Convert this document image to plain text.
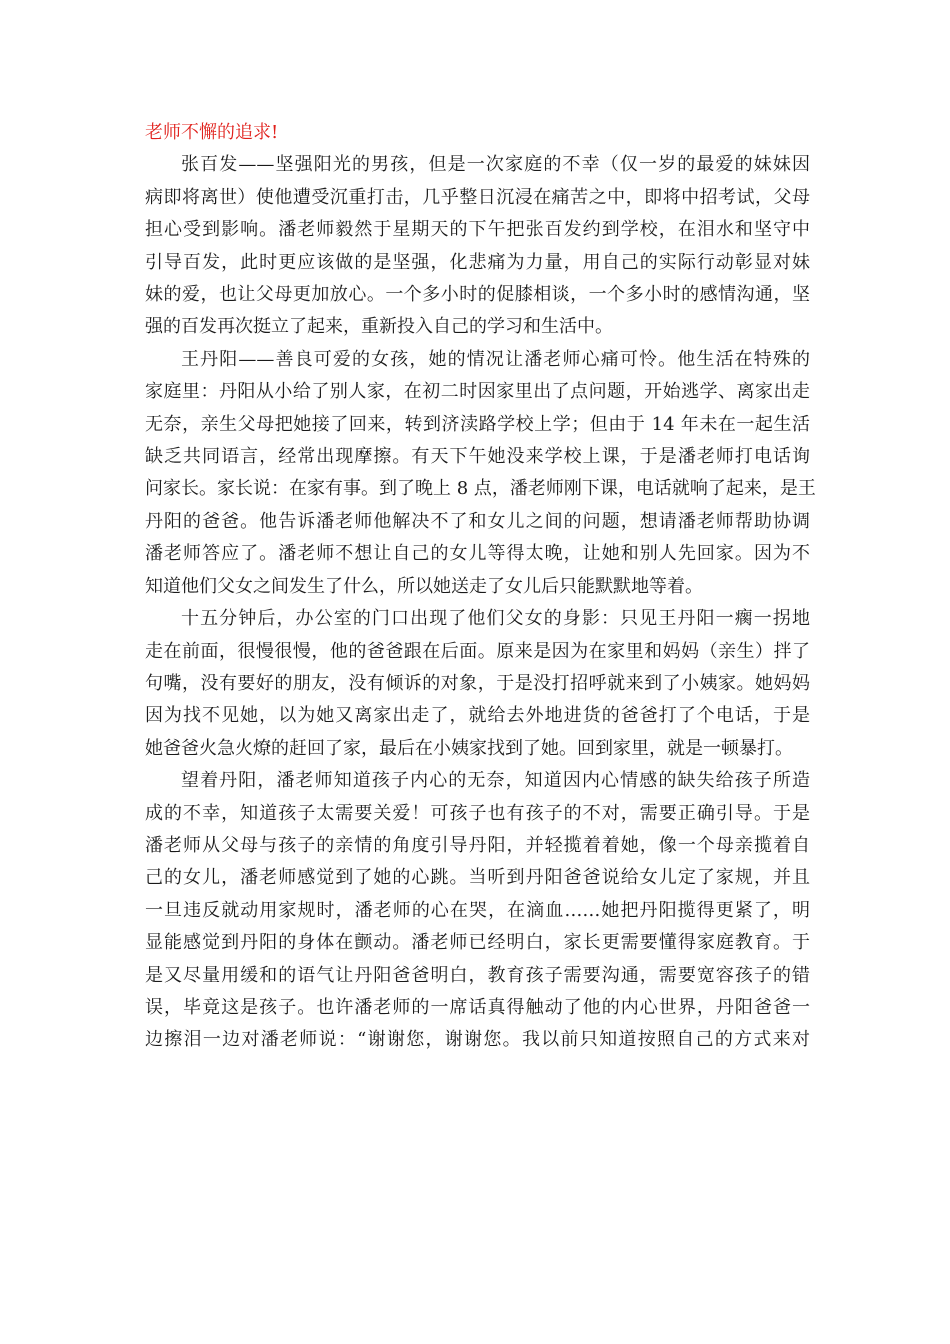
老师不懈的追求!
张百发——坚强阳光的男孩，但是一次家庭的不幸（仅一岁的最爱的妹妹因
病即将离世）使他遭受沉重打击，几乎整日沉浸在痛苦之中，即将中招考试，父母
担心受到影响。潘老师毅然于星期天的下午把张百发约到学校，在泪水和坚守中
引导百发，此时更应该做的是坚强，化悲痛为力量，用自己的实际行动彰显对妹
妹的爱，也让父母更加放心。一个多小时的促膝相谈，一个多小时的感情沟通，坚
强的百发再次挺立了起来，重新投入自己的学习和生活中。
王丹阳——善良可爱的女孩，她的情况让潘老师心痛可怜。他生活在特殊的
家庭里：丹阳从小给了别人家，在初二时因家里出了点问题，开始逃学、离家出走
无奈，亲生父母把她接了回来，转到济渎路学校上学；但由于 14 年未在一起生活
缺乏共同语言，经常出现摩擦。有天下午她没来学校上课，于是潘老师打电话询
问家长。家长说：在家有事。到了晚上 8 点，潘老师刚下课，电话就响了起来，是王
丹阳的爸爸。他告诉潘老师他解决不了和女儿之间的问题，想请潘老师帮助协调
潘老师答应了。潘老师不想让自己的女儿等得太晚，让她和别人先回家。因为不
知道他们父女之间发生了什么，所以她送走了女儿后只能默默地等着。
十五分钟后，办公室的门口出现了他们父女的身影：只见王丹阳一瘸一拐地
走在前面，很慢很慢，他的爸爸跟在后面。原来是因为在家里和妈妈（亲生）拌了
句嘴，没有要好的朋友，没有倾诉的对象，于是没打招呼就来到了小姨家。她妈妈
因为找不见她，以为她又离家出走了，就给去外地进货的爸爸打了个电话，于是
她爸爸火急火燎的赶回了家，最后在小姨家找到了她。回到家里，就是一顿暴打。
望着丹阳，潘老师知道孩子内心的无奈，知道因内心情感的缺失给孩子所造
成的不幸，知道孩子太需要关爱！可孩子也有孩子的不对，需要正确引导。于是
潘老师从父母与孩子的亲情的角度引导丹阳，并轻揽着着她，像一个母亲揽着自
己的女儿，潘老师感觉到了她的心跳。当听到丹阳爸爸说给女儿定了家规，并且
一旦违反就动用家规时，潘老师的心在哭，在滴血……她把丹阳揽得更紧了，明
显能感觉到丹阳的身体在颤动。潘老师已经明白，家长更需要懂得家庭教育。于
是又尽量用缓和的语气让丹阳爸爸明白，教育孩子需要沟通，需要宽容孩子的错
误，毕竟这是孩子。也许潘老师的一席话真得触动了他的内心世界，丹阳爸爸一
边擦泪一边对潘老师说：“谢谢您，谢谢您。我以前只知道按照自己的方式来对
